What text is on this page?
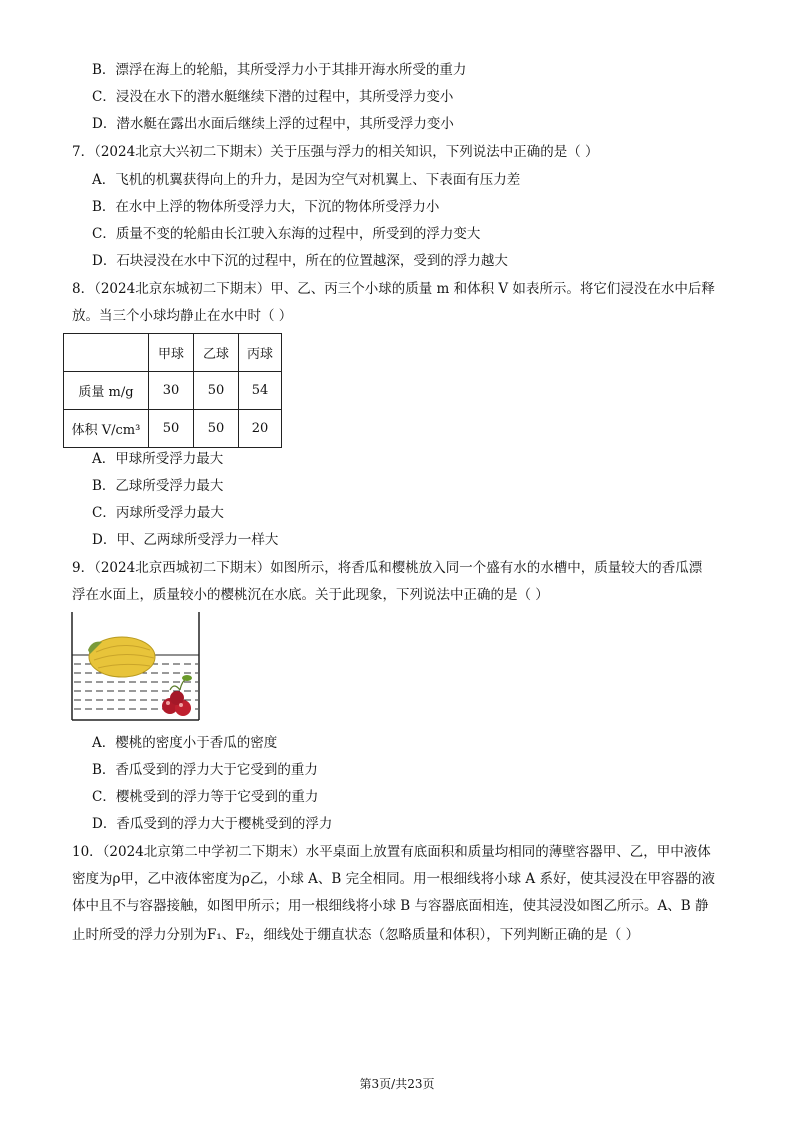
B．漂浮在海上的轮船，其所受浮力小于其排开海水所受的重力
C．浸没在水下的潜水艇继续下潜的过程中，其所受浮力变小
D．潜水艇在露出水面后继续上浮的过程中，其所受浮力变小
7．（2024北京大兴初二下期末）关于压强与浮力的相关知识，下列说法中正确的是（ ）
A．飞机的机翼获得向上的升力，是因为空气对机翼上、下表面有压力差
B．在水中上浮的物体所受浮力大，下沉的物体所受浮力小
C．质量不变的轮船由长江驶入东海的过程中，所受到的浮力变大
D．石块浸没在水中下沉的过程中，所在的位置越深，受到的浮力越大
8．（2024北京东城初二下期末）甲、乙、丙三个小球的质量 m 和体积 V 如表所示。将它们浸没在水中后释
放。当三个小球均静止在水中时（ ）
	甲球	乙球	丙球
质量 m/g	30	50	54
体积 V/cm³	50	50	20
A．甲球所受浮力最大
B．乙球所受浮力最大
C．丙球所受浮力最大
D．甲、乙两球所受浮力一样大
9．（2024北京西城初二下期末）如图所示，将香瓜和樱桃放入同一个盛有水的水槽中，质量较大的香瓜漂
浮在水面上，质量较小的樱桃沉在水底。关于此现象，下列说法中正确的是（ ）
A．樱桃的密度小于香瓜的密度
B．香瓜受到的浮力大于它受到的重力
C．樱桃受到的浮力等于它受到的重力
D．香瓜受到的浮力大于樱桃受到的浮力
10．（2024北京第二中学初二下期末）水平桌面上放置有底面积和质量均相同的薄壁容器甲、乙，甲中液体
密度为ρ甲，乙中液体密度为ρ乙，小球 A、B 完全相同。用一根细线将小球 A 系好，使其浸没在甲容器的液
体中且不与容器接触，如图甲所示；用一根细线将小球 B 与容器底面相连，使其浸没如图乙所示。A、B 静
止时所受的浮力分别为F₁、F₂，细线处于绷直状态（忽略质量和体积），下列判断正确的是（ ）
第3页/共23页
